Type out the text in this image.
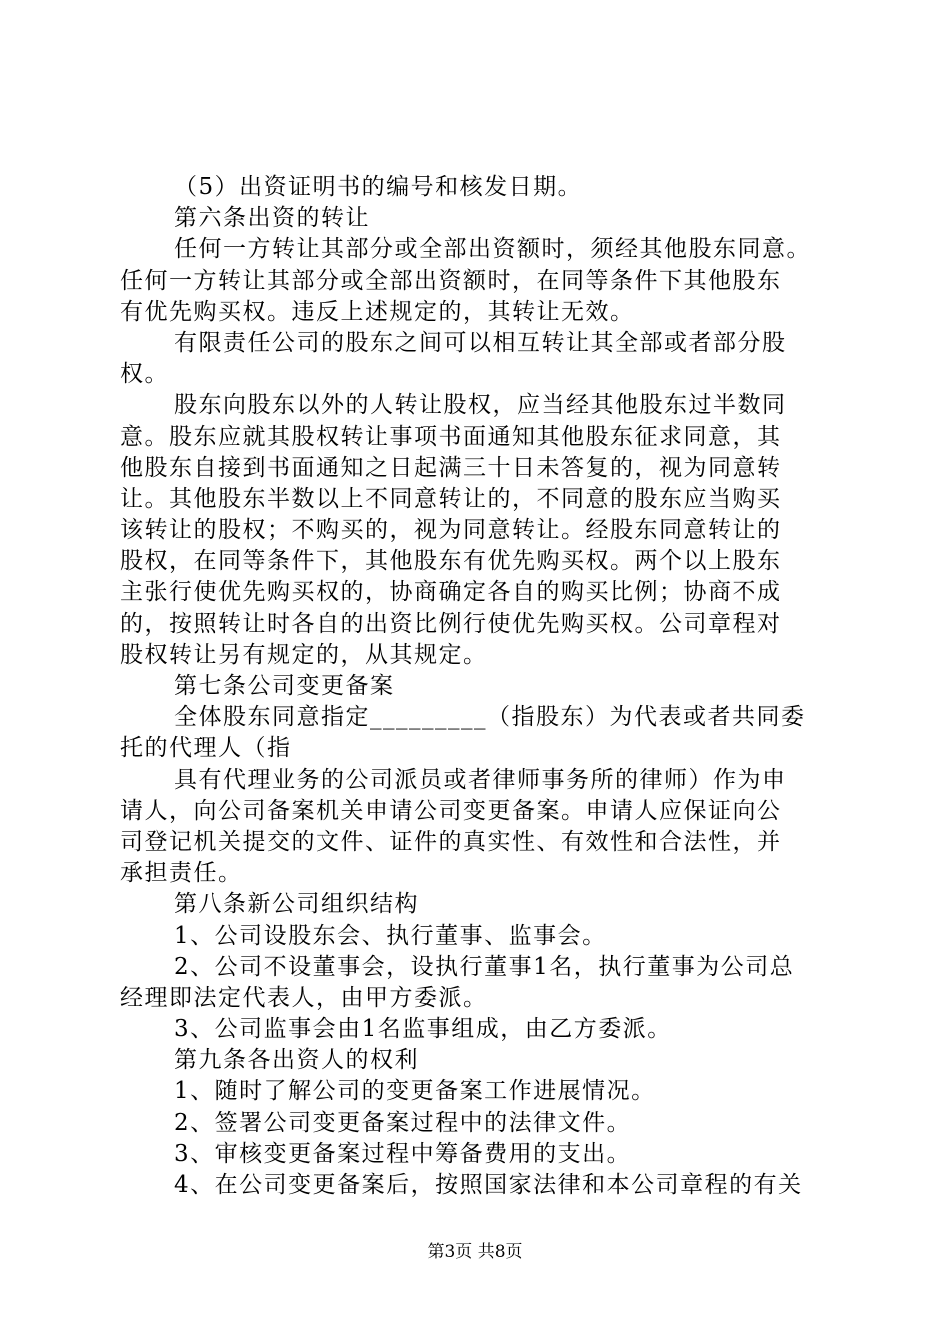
（5）出资证明书的编号和核发日期。
第六条出资的转让
任何一方转让其部分或全部出资额时，须经其他股东同意。
任何一方转让其部分或全部出资额时，在同等条件下其他股东
有优先购买权。违反上述规定的，其转让无效。
有限责任公司的股东之间可以相互转让其全部或者部分股
权。
股东向股东以外的人转让股权，应当经其他股东过半数同
意。股东应就其股权转让事项书面通知其他股东征求同意，其
他股东自接到书面通知之日起满三十日未答复的，视为同意转
让。其他股东半数以上不同意转让的，不同意的股东应当购买
该转让的股权；不购买的，视为同意转让。经股东同意转让的
股权，在同等条件下，其他股东有优先购买权。两个以上股东
主张行使优先购买权的，协商确定各自的购买比例；协商不成
的，按照转让时各自的出资比例行使优先购买权。公司章程对
股权转让另有规定的，从其规定。
第七条公司变更备案
全体股东同意指定_________（指股东）为代表或者共同委
托的代理人（指
具有代理业务的公司派员或者律师事务所的律师）作为申
请人，向公司备案机关申请公司变更备案。申请人应保证向公
司登记机关提交的文件、证件的真实性、有效性和合法性，并
承担责任。
第八条新公司组织结构
1、公司设股东会、执行董事、监事会。
2、公司不设董事会，设执行董事1名，执行董事为公司总
经理即法定代表人，由甲方委派。
3、公司监事会由1名监事组成，由乙方委派。
第九条各出资人的权利
1、随时了解公司的变更备案工作进展情况。
2、签署公司变更备案过程中的法律文件。
3、审核变更备案过程中筹备费用的支出。
4、在公司变更备案后，按照国家法律和本公司章程的有关
第3页 共8页
